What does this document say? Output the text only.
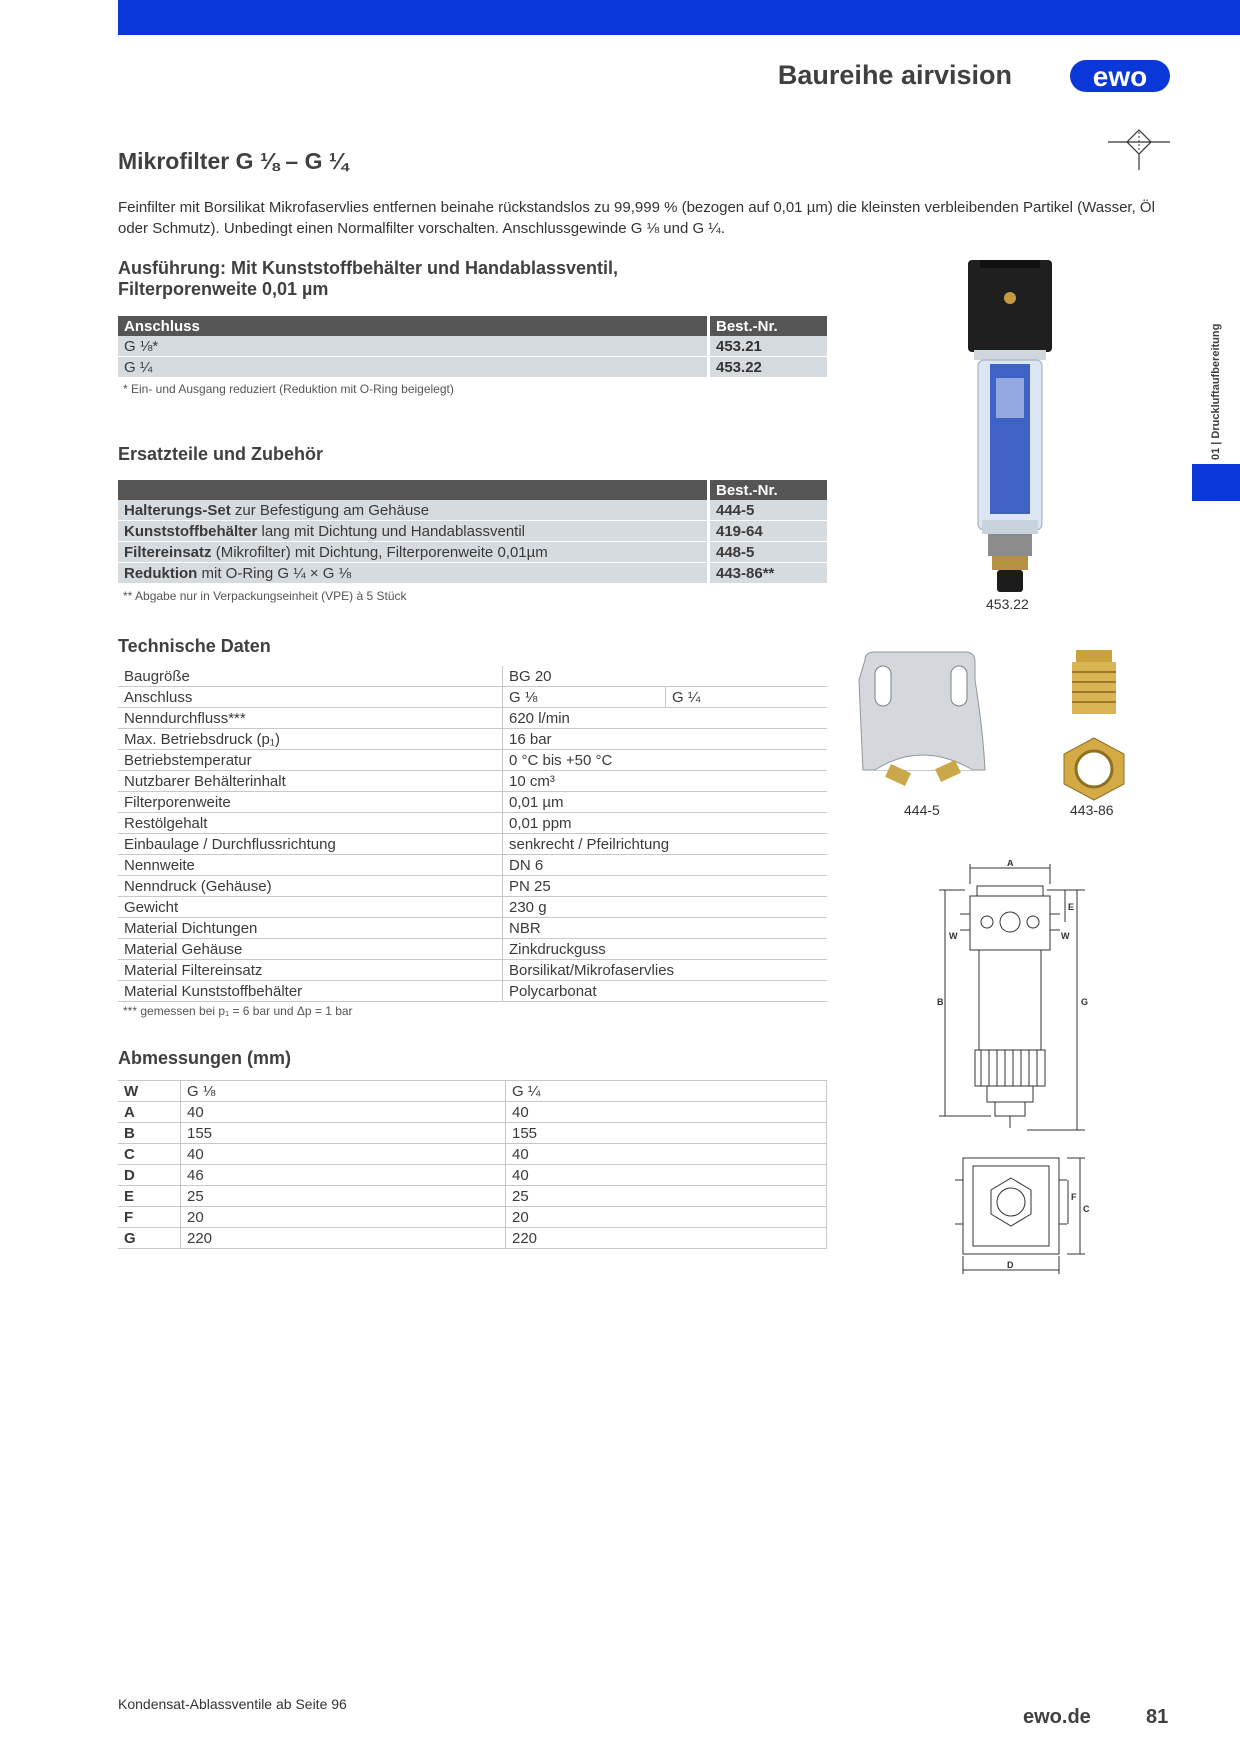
Baureihe airvision	ewo
01 | Druckluftaufbereitung
Mikrofilter G ⅛ – G ¼
Feinfilter mit Borsilikat Mikrofaservlies entfernen beinahe rückstandslos zu 99,999 % (bezogen auf 0,01 µm) die kleinsten verbleibenden Partikel (Wasser, Öl oder Schmutz). Unbedingt einen Normalfilter vorschalten. Anschlussgewinde G ⅛ und G ¼.
Ausführung: Mit Kunststoffbehälter und Handablassventil,
Filterporenweite 0,01 µm
Anschluss	Best.-Nr.
G ⅛*	453.21
G ¼	453.22
* Ein- und Ausgang reduziert (Reduktion mit O-Ring beigelegt)
Ersatzteile und Zubehör
	Best.-Nr.
Halterungs-Set zur Befestigung am Gehäuse	444-5
Kunststoffbehälter lang mit Dichtung und Handablassventil	419-64
Filtereinsatz (Mikrofilter) mit Dichtung, Filterporenweite 0,01µm	448-5
Reduktion mit O-Ring G ¼ × G ⅛	443-86**
** Abgabe nur in Verpackungseinheit (VPE) à 5 Stück
Technische Daten
Baugröße	BG 20	
Anschluss	G ⅛	G ¼
Nenndurchfluss***	620 l/min	
Max. Betriebsdruck (p₁)	16 bar	
Betriebstemperatur	0 °C bis +50 °C	
Nutzbarer Behälterinhalt	10 cm³	
Filterporenweite	0,01 µm	
Restölgehalt	0,01 ppm	
Einbaulage / Durchflussrichtung	senkrecht / Pfeilrichtung	
Nennweite	DN 6	
Nenndruck (Gehäuse)	PN 25	
Gewicht	230 g	
Material Dichtungen	NBR	
Material Gehäuse	Zinkdruckguss	
Material Filtereinsatz	Borsilikat/Mikrofaservlies	
Material Kunststoffbehälter	Polycarbonat	
*** gemessen bei p₁ = 6 bar und Δp = 1 bar
Abmessungen (mm)
W	G ⅛	G ¼
A	40	40
B	155	155
C	40	40
D	46	40
E	25	25
F	20	20
G	220	220
453.22
444-5	443-86
A
B	G
E
W	W
F
C
D
Kondensat-Ablassventile ab Seite 96
ewo.de	81
